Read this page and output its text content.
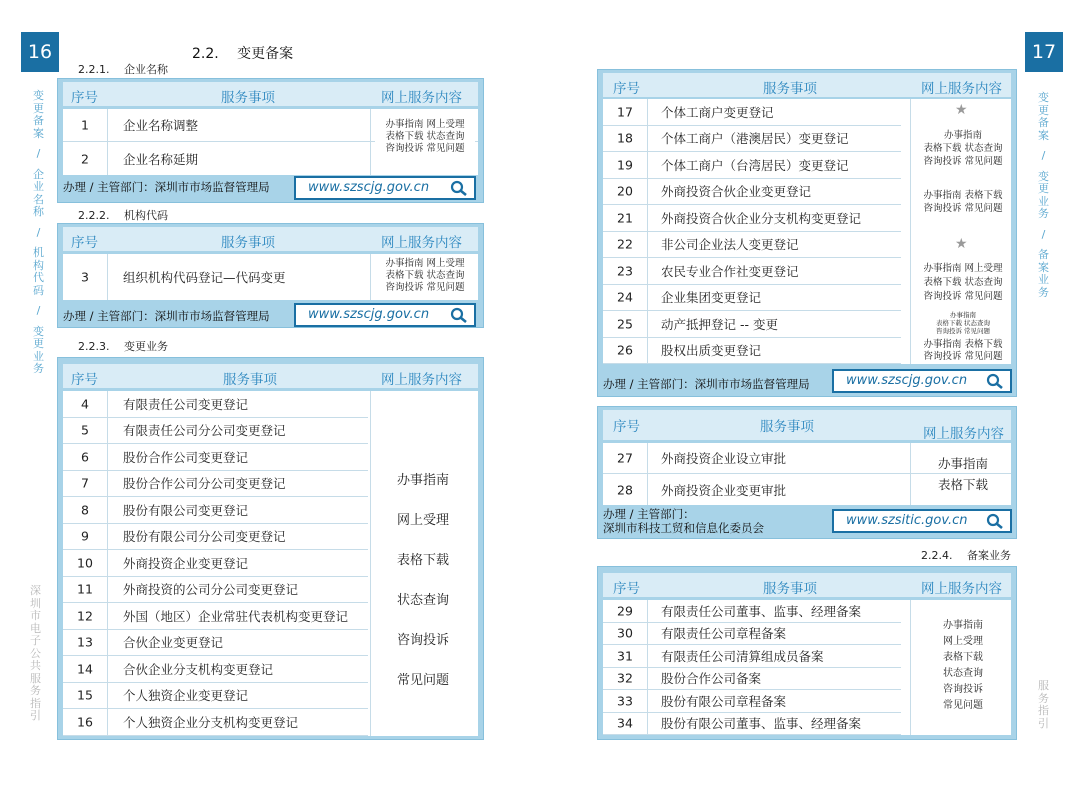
16	17
变
更
备
案
/
企
业
名
称
/
机
构
代
码
/
变
更
业
务
深
圳
市
电
子
公
共
服
务
指
引
变
更
备
案
/
变
更
业
务
/
备
案
业
务
服
务
指
引
2.2.　 变更备案
2.2.1.　 企业名称
2.2.2.　 机构代码
2.2.3.　 变更业务
2.2.4.　 备案业务
序号	服务事项	网上服务内容
1	企业名称调整
2	企业名称延期
办事指南 网上受理
表格下载 状态查询
咨询投诉 常见问题
办理 / 主管部门：深圳市市场监督管理局	www.szscjg.gov.cn
序号	服务事项	网上服务内容
3	组织机构代码登记—代码变更
办事指南 网上受理
表格下载 状态查询
咨询投诉 常见问题
办理 / 主管部门：深圳市市场监督管理局	www.szscjg.gov.cn
序号	服务事项	网上服务内容
4	有限责任公司变更登记
5	有限责任公司分公司变更登记
6	股份合作公司变更登记
7	股份合作公司分公司变更登记
8	股份有限公司变更登记
9	股份有限公司分公司变更登记
10	外商投资企业变更登记
11	外商投资的公司分公司变更登记
12	外国（地区）企业常驻代表机构变更登记
13	合伙企业变更登记
14	合伙企业分支机构变更登记
15	个人独资企业变更登记
16	个人独资企业分支机构变更登记
办事指南
网上受理
表格下载
状态查询
咨询投诉
常见问题
序号	服务事项	网上服务内容
17	个体工商户变更登记
18	个体工商户（港澳居民）变更登记
19	个体工商户（台湾居民）变更登记
20	外商投资合伙企业变更登记
21	外商投资合伙企业分支机构变更登记
22	非公司企业法人变更登记
23	农民专业合作社变更登记
24	企业集团变更登记
25	动产抵押登记 -- 变更
26	股权出质变更登记
★
★
办事指南
表格下载 状态查询
咨询投诉 常见问题
办事指南 表格下载
咨询投诉 常见问题
办事指南 网上受理
表格下载 状态查询
咨询投诉 常见问题
办事指南
表格下载 状态查询
咨询投诉 常见问题
办事指南 表格下载
咨询投诉 常见问题
办理 / 主管部门：深圳市市场监督管理局	www.szscjg.gov.cn
序号	服务事项	网上服务内容
27	外商投资企业设立审批
28	外商投资企业变更审批
办事指南
表格下载
办理 / 主管部门：
深圳市科技工贸和信息化委员会	www.szsitic.gov.cn
序号	服务事项	网上服务内容
29	有限责任公司董事、监事、经理备案
30	有限责任公司章程备案
31	有限责任公司清算组成员备案
32	股份合作公司备案
33	股份有限公司章程备案
34	股份有限公司董事、监事、经理备案
办事指南
网上受理
表格下载
状态查询
咨询投诉
常见问题
